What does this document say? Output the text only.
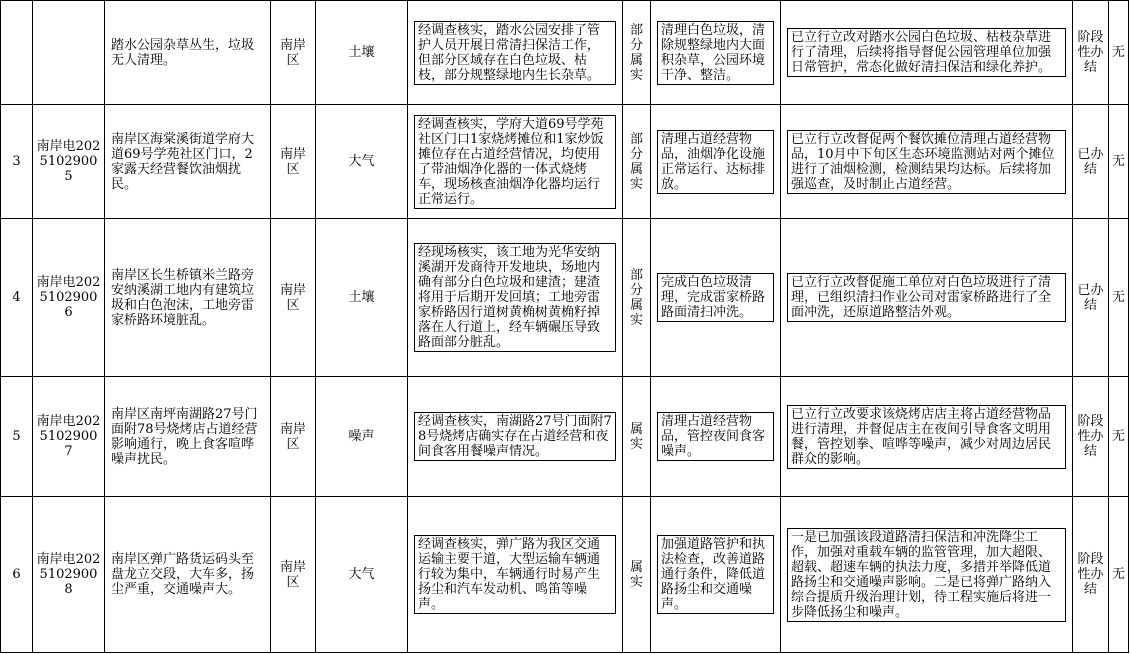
		踏水公园杂草丛生，垃圾无人清理。	南岸区	土壤	经调查核实，踏水公园安排了管护人员开展日常清扫保洁工作，但部分区域存在白色垃圾、枯枝，部分规整绿地内生长杂草。	部分属实	清理白色垃圾，清除规整绿地内大面积杂草，公园环境干净、整洁。	已立行立改对踏水公园白色垃圾、枯枝杂草进行了清理，后续将指导督促公园管理单位加强日常管护，常态化做好清扫保洁和绿化养护。	阶段性办结	无
3	南岸电20251029005	南岸区海棠溪街道学府大道69号学苑社区门口，2家露天经营餐饮油烟扰民。	南岸区	大气	经调查核实，学府大道69号学苑社区门口1家烧烤摊位和1家炒饭摊位存在占道经营情况，均使用了带油烟净化器的一体式烧烤车，现场核查油烟净化器均运行正常运行。	部分属实	清理占道经营物品，油烟净化设施正常运行、达标排放。	已立行立改督促两个餐饮摊位清理占道经营物品，10月中下旬区生态环境监测站对两个摊位进行了油烟检测，检测结果均达标。后续将加强巡查，及时制止占道经营。	已办结	无
4	南岸电20251029006	南岸区长生桥镇米兰路旁安纳溪湖工地内有建筑垃圾和白色泡沫，工地旁雷家桥路环境脏乱。	南岸区	土壤	经现场核实，该工地为光华安纳溪湖开发商待开发地块，场地内确有部分白色垃圾和建渣；建渣将用于后期开发回填；工地旁雷家桥路因行道树黄桷树黄桷籽掉落在人行道上，经车辆碾压导致路面部分脏乱。	部分属实	完成白色垃圾清理，完成雷家桥路路面清扫冲洗。	已立行立改督促施工单位对白色垃圾进行了清理，已组织清扫作业公司对雷家桥路进行了全面冲洗，还原道路整洁外观。	已办结	无
5	南岸电20251029007	南岸区南坪南湖路27号门面附78号烧烤店占道经营影响通行，晚上食客喧哗噪声扰民。	南岸区	噪声	经调查核实，南湖路27号门面附78号烧烤店确实存在占道经营和夜间食客用餐噪声情况。	属实	清理占道经营物品，管控夜间食客噪声。	已立行立改要求该烧烤店店主将占道经营物品进行清理，并督促店主在夜间引导食客文明用餐，管控划拳、喧哗等噪声，减少对周边居民群众的影响。	阶段性办结	无
6	南岸电20251029008	南岸区弹广路货运码头至盘龙立交段，大车多，扬尘严重，交通噪声大。	南岸区	大气	经调查核实，弹广路为我区交通运输主要干道，大型运输车辆通行较为集中，车辆通行时易产生扬尘和汽车发动机、鸣笛等噪声。	属实	加强道路管护和执法检查，改善道路通行条件，降低道路扬尘和交通噪声。	一是已加强该段道路清扫保洁和冲洗降尘工作，加强对重载车辆的监管管理，加大超限、超载、超速车辆的执法力度，多措并举降低道路扬尘和交通噪声影响。二是已将弹广路纳入综合提质升级治理计划，待工程实施后将进一步降低扬尘和噪声。	阶段性办结	无
